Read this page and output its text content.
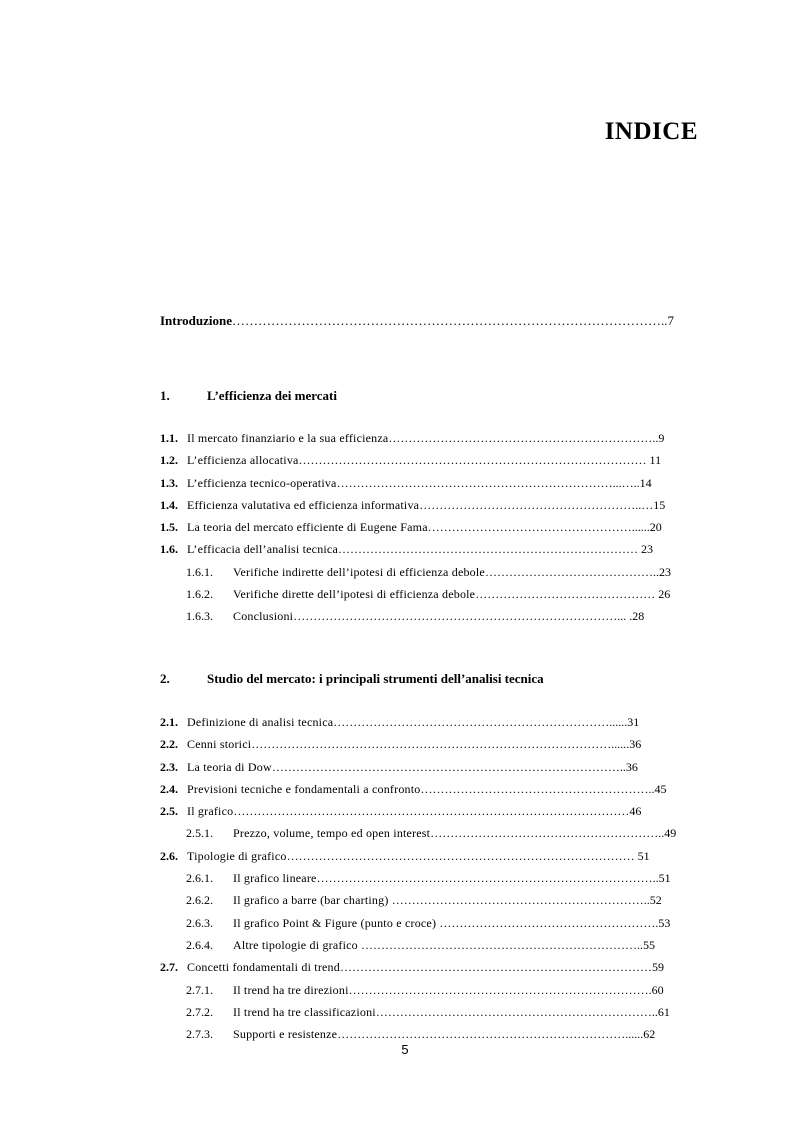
INDICE
Introduzione………………………………………………………………………………………..7
1.	L’efficienza dei mercati
1.1. Il mercato finanziario e la sua efficienza…………………………………………………………..9
1.2. L’efficienza allocativa…………………………………………………………………………… 11
1.3. L’efficienza tecnico-operativa……………………………………………………………...…..14
1.4. Efficienza valutativa ed efficienza informativa………………………………………………..…15
1.5. La teoria del mercato efficiente di Eugene Fama……………………………………………......20
1.6. L’efficacia dell’analisi tecnica………………………………………………………………… 23
1.6.1. Verifiche indirette dell’ipotesi di efficienza debole……………………………………..23
1.6.2. Verifiche dirette dell’ipotesi di efficienza debole……………………………………… 26
1.6.3. Conclusioni………………………………………………………………………... .28
2.	Studio del mercato: i principali strumenti dell’analisi tecnica
2.1. Definizione di analisi tecnica……………………………………………………………......31
2.2. Cenni storici………………………………………………………………………………......36
2.3. La teoria di Dow……………………………………………………………………………..36
2.4. Previsioni tecniche e fondamentali a confronto…………………………………………………..45
2.5. Il grafico………………………………………………………………………………………46
2.5.1. Prezzo, volume, tempo ed open interest…………………………………………………..49
2.6. Tipologie di grafico…………………………………………………………………………… 51
2.6.1. Il grafico lineare…………………………………………………………………………..51
2.6.2. Il grafico a barre (bar charting) ………………………………………………………..52
2.6.3. Il grafico Point & Figure (punto e croce) ……………………………………………….53
2.6.4. Altre tipologie di grafico ……………………………………………………………..55
2.7. Concetti fondamentali di trend……………………………………………………………………59
2.7.1. Il trend ha tre direzioni………………………………………………………………….60
2.7.2. Il trend ha tre classificazioni……………………………………………………………..61
2.7.3. Supporti e resistenze………………………………………………………………......62
5
